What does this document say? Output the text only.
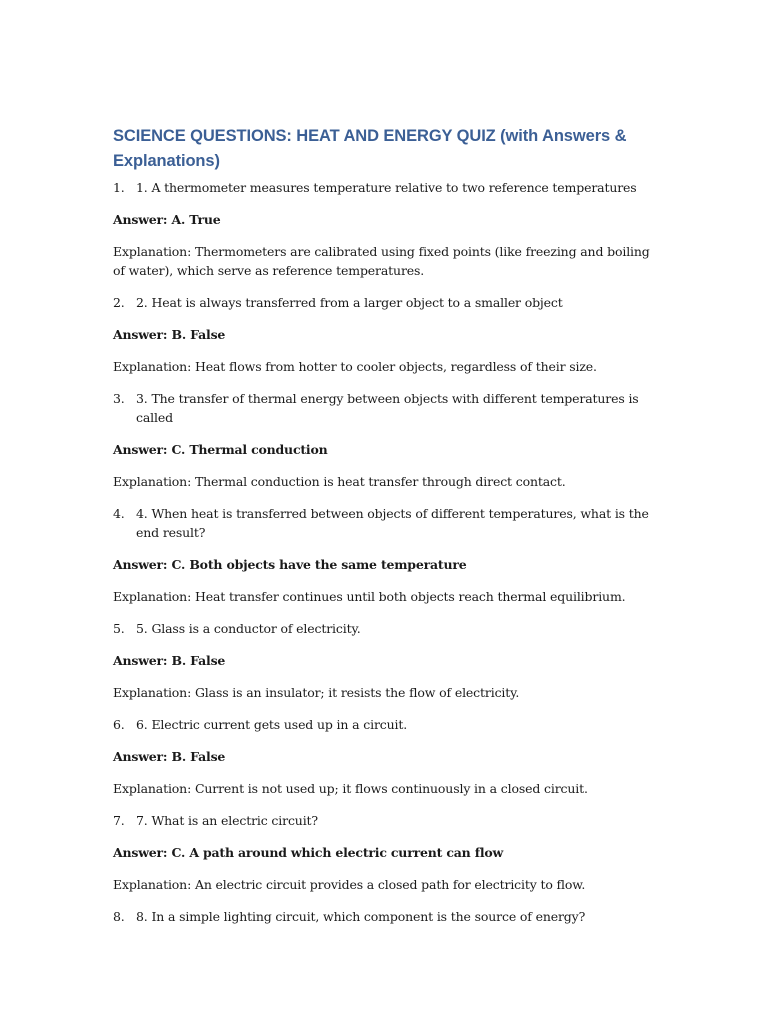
SCIENCE QUESTIONS: HEAT AND ENERGY QUIZ (with Answers & Explanations)
1. 1. A thermometer measures temperature relative to two reference temperatures
Answer: A. True
Explanation: Thermometers are calibrated using fixed points (like freezing and boiling of water), which serve as reference temperatures.
2. 2. Heat is always transferred from a larger object to a smaller object
Answer: B. False
Explanation: Heat flows from hotter to cooler objects, regardless of their size.
3. 3. The transfer of thermal energy between objects with different temperatures is called
Answer: C. Thermal conduction
Explanation: Thermal conduction is heat transfer through direct contact.
4. 4. When heat is transferred between objects of different temperatures, what is the end result?
Answer: C. Both objects have the same temperature
Explanation: Heat transfer continues until both objects reach thermal equilibrium.
5. 5. Glass is a conductor of electricity.
Answer: B. False
Explanation: Glass is an insulator; it resists the flow of electricity.
6. 6. Electric current gets used up in a circuit.
Answer: B. False
Explanation: Current is not used up; it flows continuously in a closed circuit.
7. 7. What is an electric circuit?
Answer: C. A path around which electric current can flow
Explanation: An electric circuit provides a closed path for electricity to flow.
8. 8. In a simple lighting circuit, which component is the source of energy?
